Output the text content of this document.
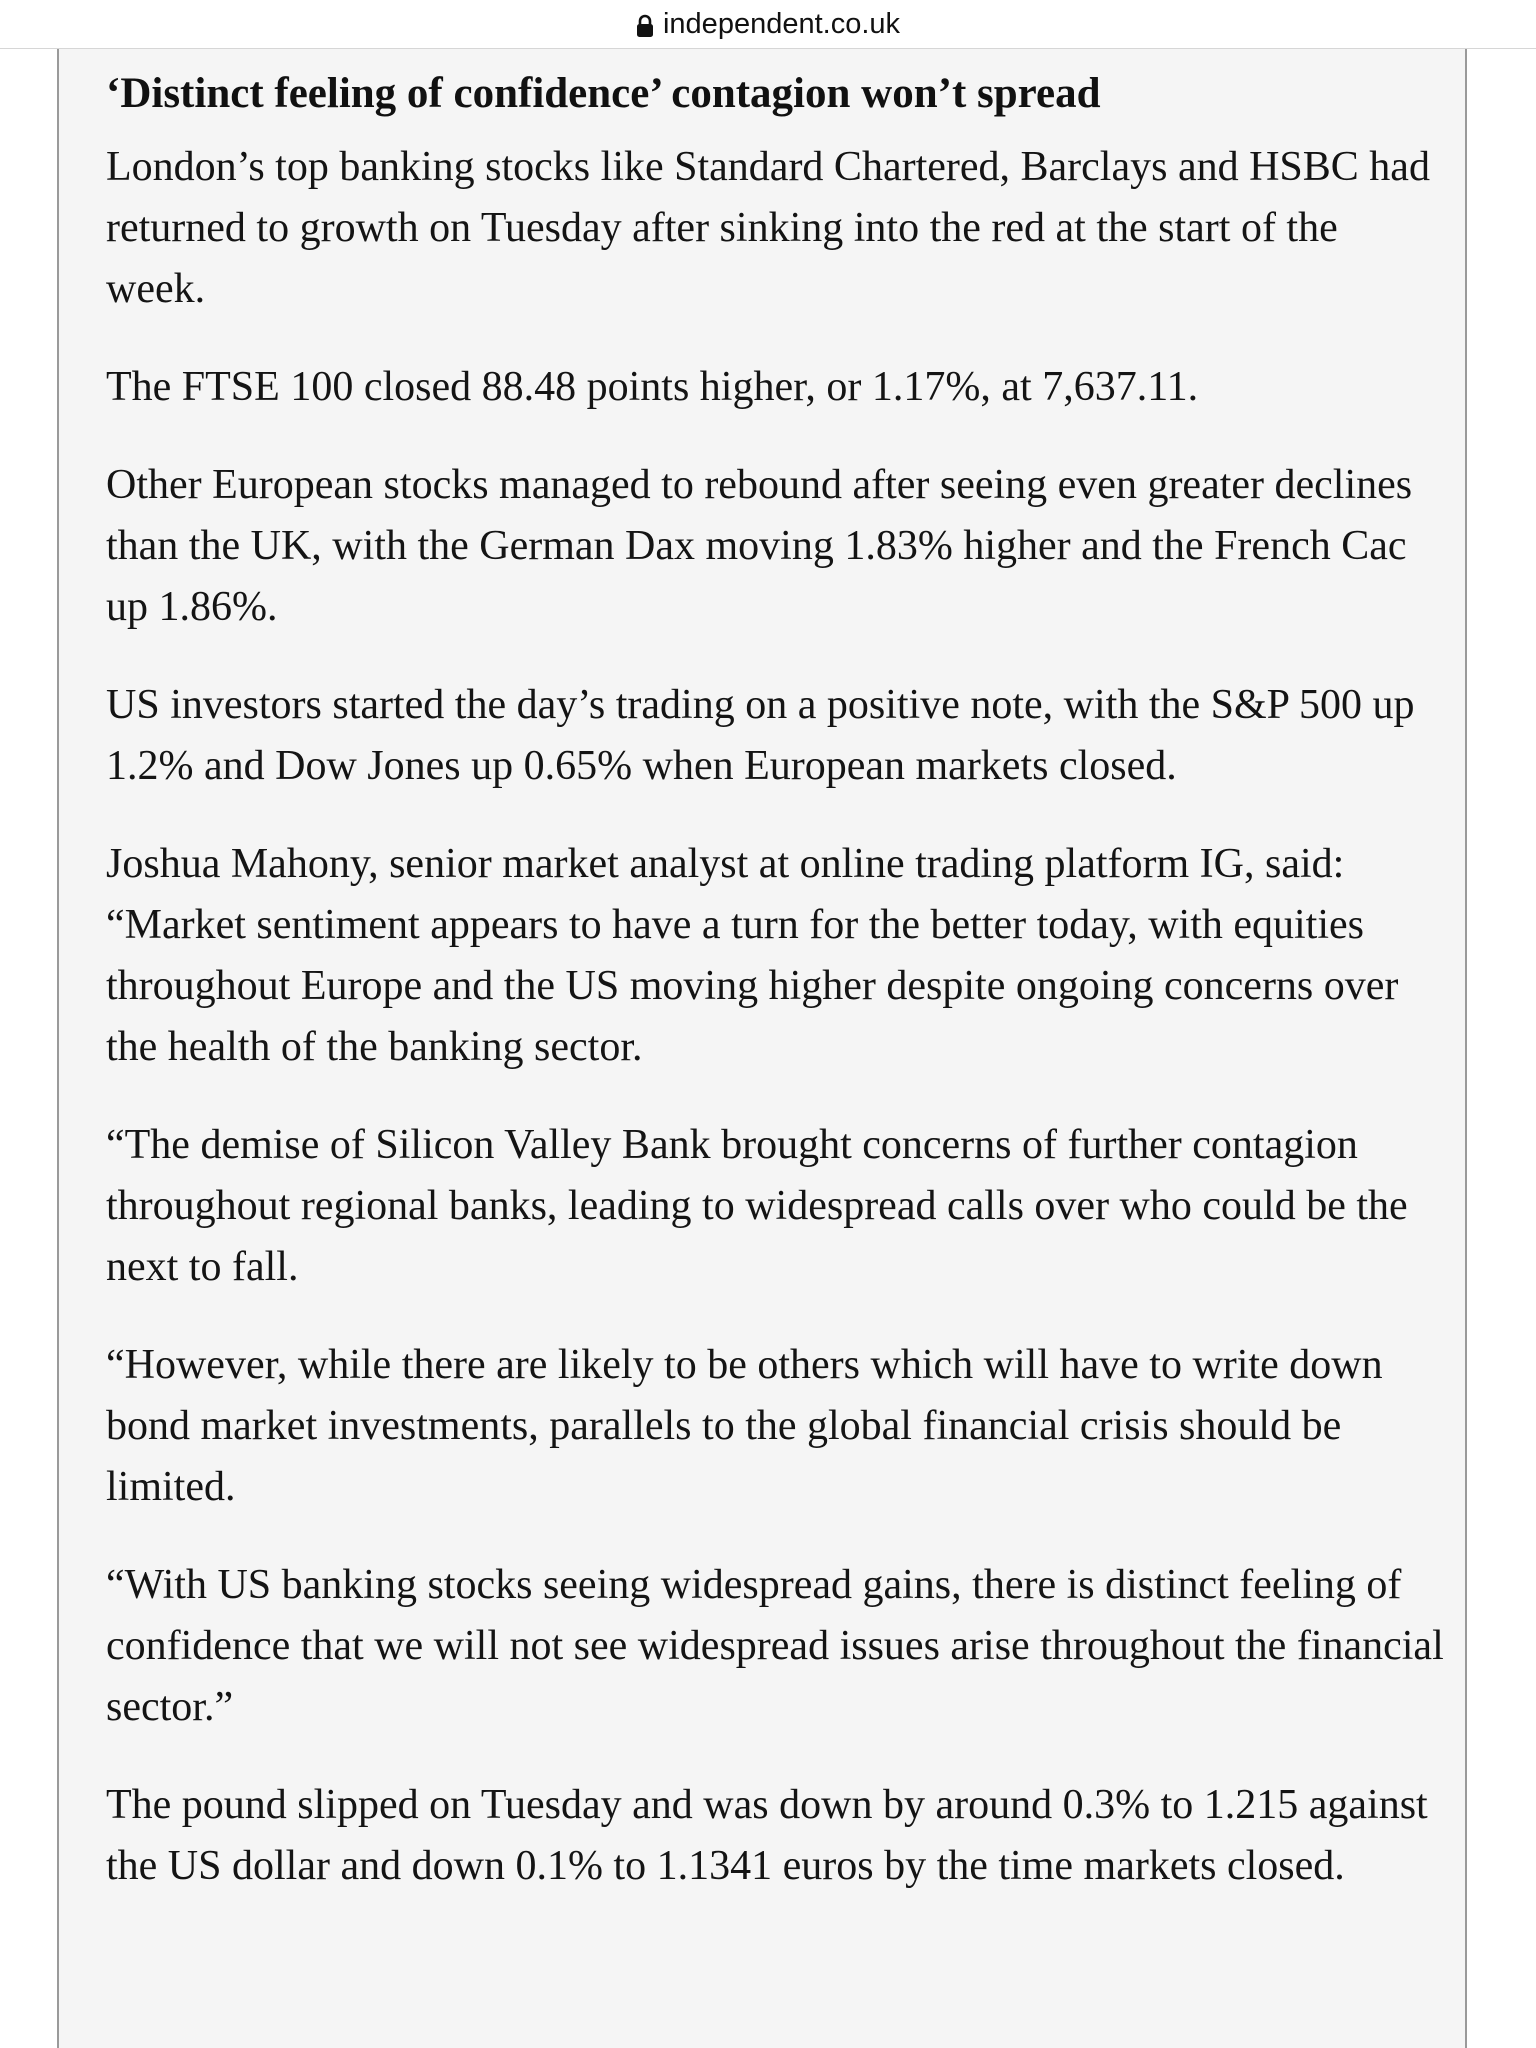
independent.co.uk
‘Distinct feeling of confidence’ contagion won’t spread

London’s top banking stocks like Standard Chartered, Barclays and HSBC had returned to growth on Tuesday after sinking into the red at the start of the week.

The FTSE 100 closed 88.48 points higher, or 1.17%, at 7,637.11.

Other European stocks managed to rebound after seeing even greater declines than the UK, with the German Dax moving 1.83% higher and the French Cac up 1.86%.

US investors started the day’s trading on a positive note, with the S&P 500 up 1.2% and Dow Jones up 0.65% when European markets closed.

Joshua Mahony, senior market analyst at online trading platform IG, said: “Market sentiment appears to have a turn for the better today, with equities throughout Europe and the US moving higher despite ongoing concerns over the health of the banking sector.

“The demise of Silicon Valley Bank brought concerns of further contagion throughout regional banks, leading to widespread calls over who could be the next to fall.

“However, while there are likely to be others which will have to write down bond market investments, parallels to the global financial crisis should be limited.

“With US banking stocks seeing widespread gains, there is distinct feeling of confidence that we will not see widespread issues arise throughout the financial sector.”

The pound slipped on Tuesday and was down by around 0.3% to 1.215 against the US dollar and down 0.1% to 1.1341 euros by the time markets closed.
